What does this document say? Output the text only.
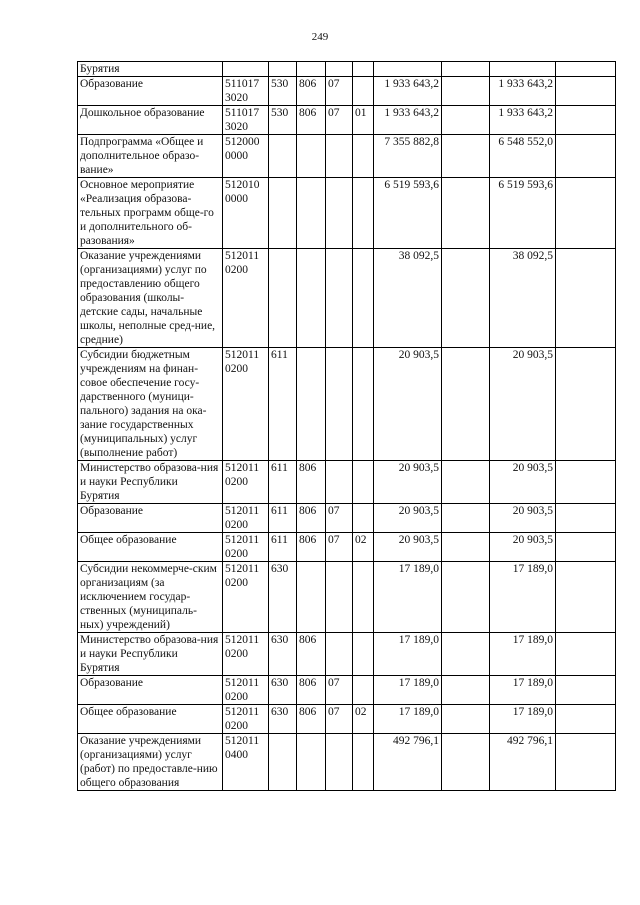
249
Бурятия									
Образование	511017 3020	530	806	07		1 933 643,2		1 933 643,2	
Дошкольное образование	511017 3020	530	806	07	01	1 933 643,2		1 933 643,2	
Подпрограмма «Общее и дополнительное образо-вание»	512000 0000					7 355 882,8		6 548 552,0	
Основное мероприятие «Реализация образова-тельных программ обще-го и дополнительного об-разования»	512010 0000					6 519 593,6		6 519 593,6	
Оказание учреждениями (организациями) услуг по предоставлению общего образования (школы-детские сады, начальные школы, неполные сред-ние, средние)	512011 0200					38 092,5		38 092,5	
Субсидии бюджетным учреждениям на финан-совое обеспечение госу-дарственного (муници-пального) задания на ока-зание государственных (муниципальных) услуг (выполнение работ)	512011 0200	611				20 903,5		20 903,5	
Министерство образова-ния и науки Республики Бурятия	512011 0200	611	806			20 903,5		20 903,5	
Образование	512011 0200	611	806	07		20 903,5		20 903,5	
Общее образование	512011 0200	611	806	07	02	20 903,5		20 903,5	
Субсидии некоммерче-ским организациям (за исключением государ-ственных (муниципаль-ных) учреждений)	512011 0200	630				17 189,0		17 189,0	
Министерство образова-ния и науки Республики Бурятия	512011 0200	630	806			17 189,0		17 189,0	
Образование	512011 0200	630	806	07		17 189,0		17 189,0	
Общее образование	512011 0200	630	806	07	02	17 189,0		17 189,0	
Оказание учреждениями (организациями) услуг (работ) по предоставле-нию общего образования	512011 0400					492 796,1		492 796,1	
